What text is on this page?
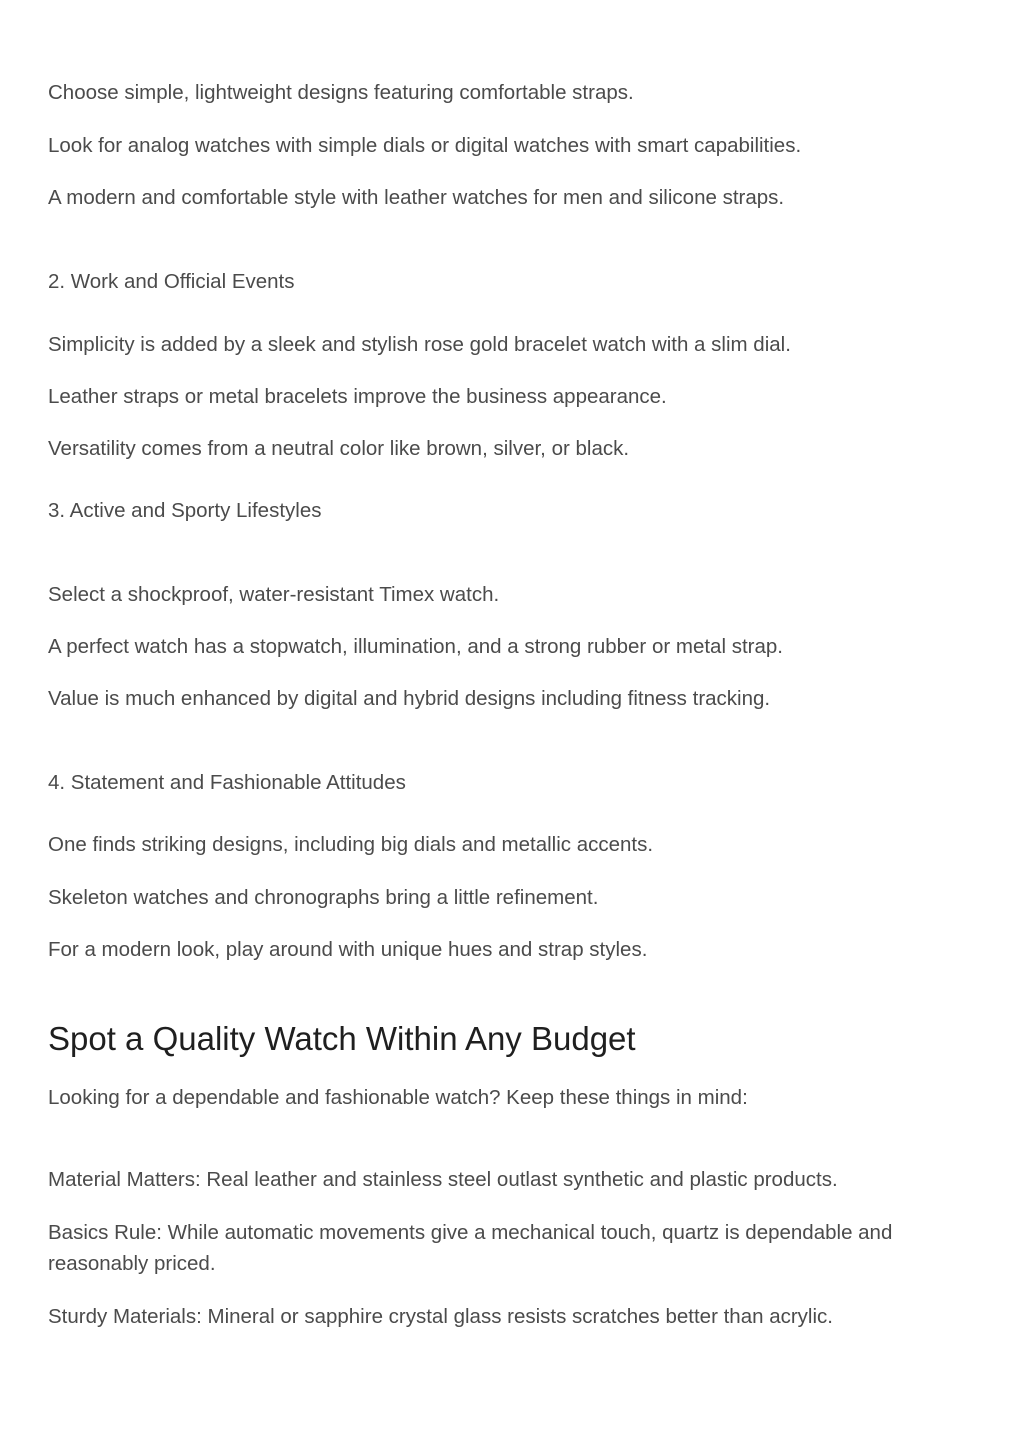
Choose simple, lightweight designs featuring comfortable straps.

Look for analog watches with simple dials or digital watches with smart capabilities.

A modern and comfortable style with leather watches for men and silicone straps.

2. Work and Official Events

Simplicity is added by a sleek and stylish rose gold bracelet watch with a slim dial.

Leather straps or metal bracelets improve the business appearance.

Versatility comes from a neutral color like brown, silver, or black.

3. Active and Sporty Lifestyles

Select a shockproof, water-resistant Timex watch.

A perfect watch has a stopwatch, illumination, and a strong rubber or metal strap.

Value is much enhanced by digital and hybrid designs including fitness tracking.

4. Statement and Fashionable Attitudes

One finds striking designs, including big dials and metallic accents.

Skeleton watches and chronographs bring a little refinement.

For a modern look, play around with unique hues and strap styles.

Spot a Quality Watch Within Any Budget

Looking for a dependable and fashionable watch? Keep these things in mind:

Material Matters: Real leather and stainless steel outlast synthetic and plastic products.

Basics Rule: While automatic movements give a mechanical touch, quartz is dependable and reasonably priced.

Sturdy Materials: Mineral or sapphire crystal glass resists scratches better than acrylic.
